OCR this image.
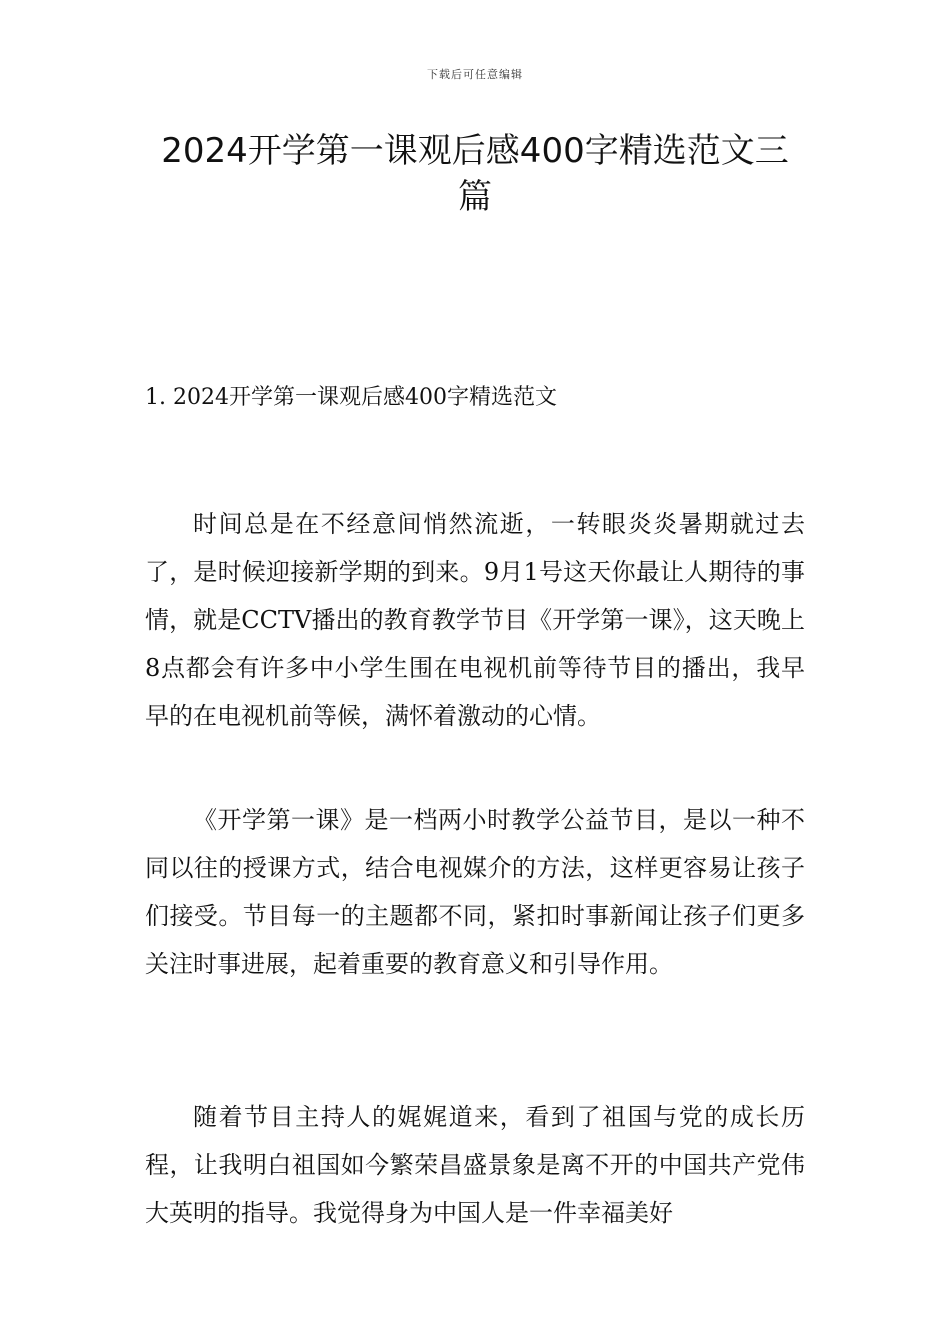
下载后可任意编辑
2024开学第一课观后感400字精选范文三篇
1. 2024开学第一课观后感400字精选范文

时间总是在不经意间悄然流逝，一转眼炎炎暑期就过去了，是时候迎接新学期的到来。9月1号这天你最让人期待的事情，就是CCTV播出的教育教学节目《开学第一课》，这天晚上8点都会有许多中小学生围在电视机前等待节目的播出，我早早的在电视机前等候，满怀着激动的心情。

《开学第一课》是一档两小时教学公益节目，是以一种不同以往的授课方式，结合电视媒介的方法，这样更容易让孩子们接受。节目每一的主题都不同，紧扣时事新闻让孩子们更多关注时事进展，起着重要的教育意义和引导作用。

随着节目主持人的娓娓道来，看到了祖国与党的成长历程，让我明白祖国如今繁荣昌盛景象是离不开的中国共产党伟大英明的指导。我觉得身为中国人是一件幸福美好
